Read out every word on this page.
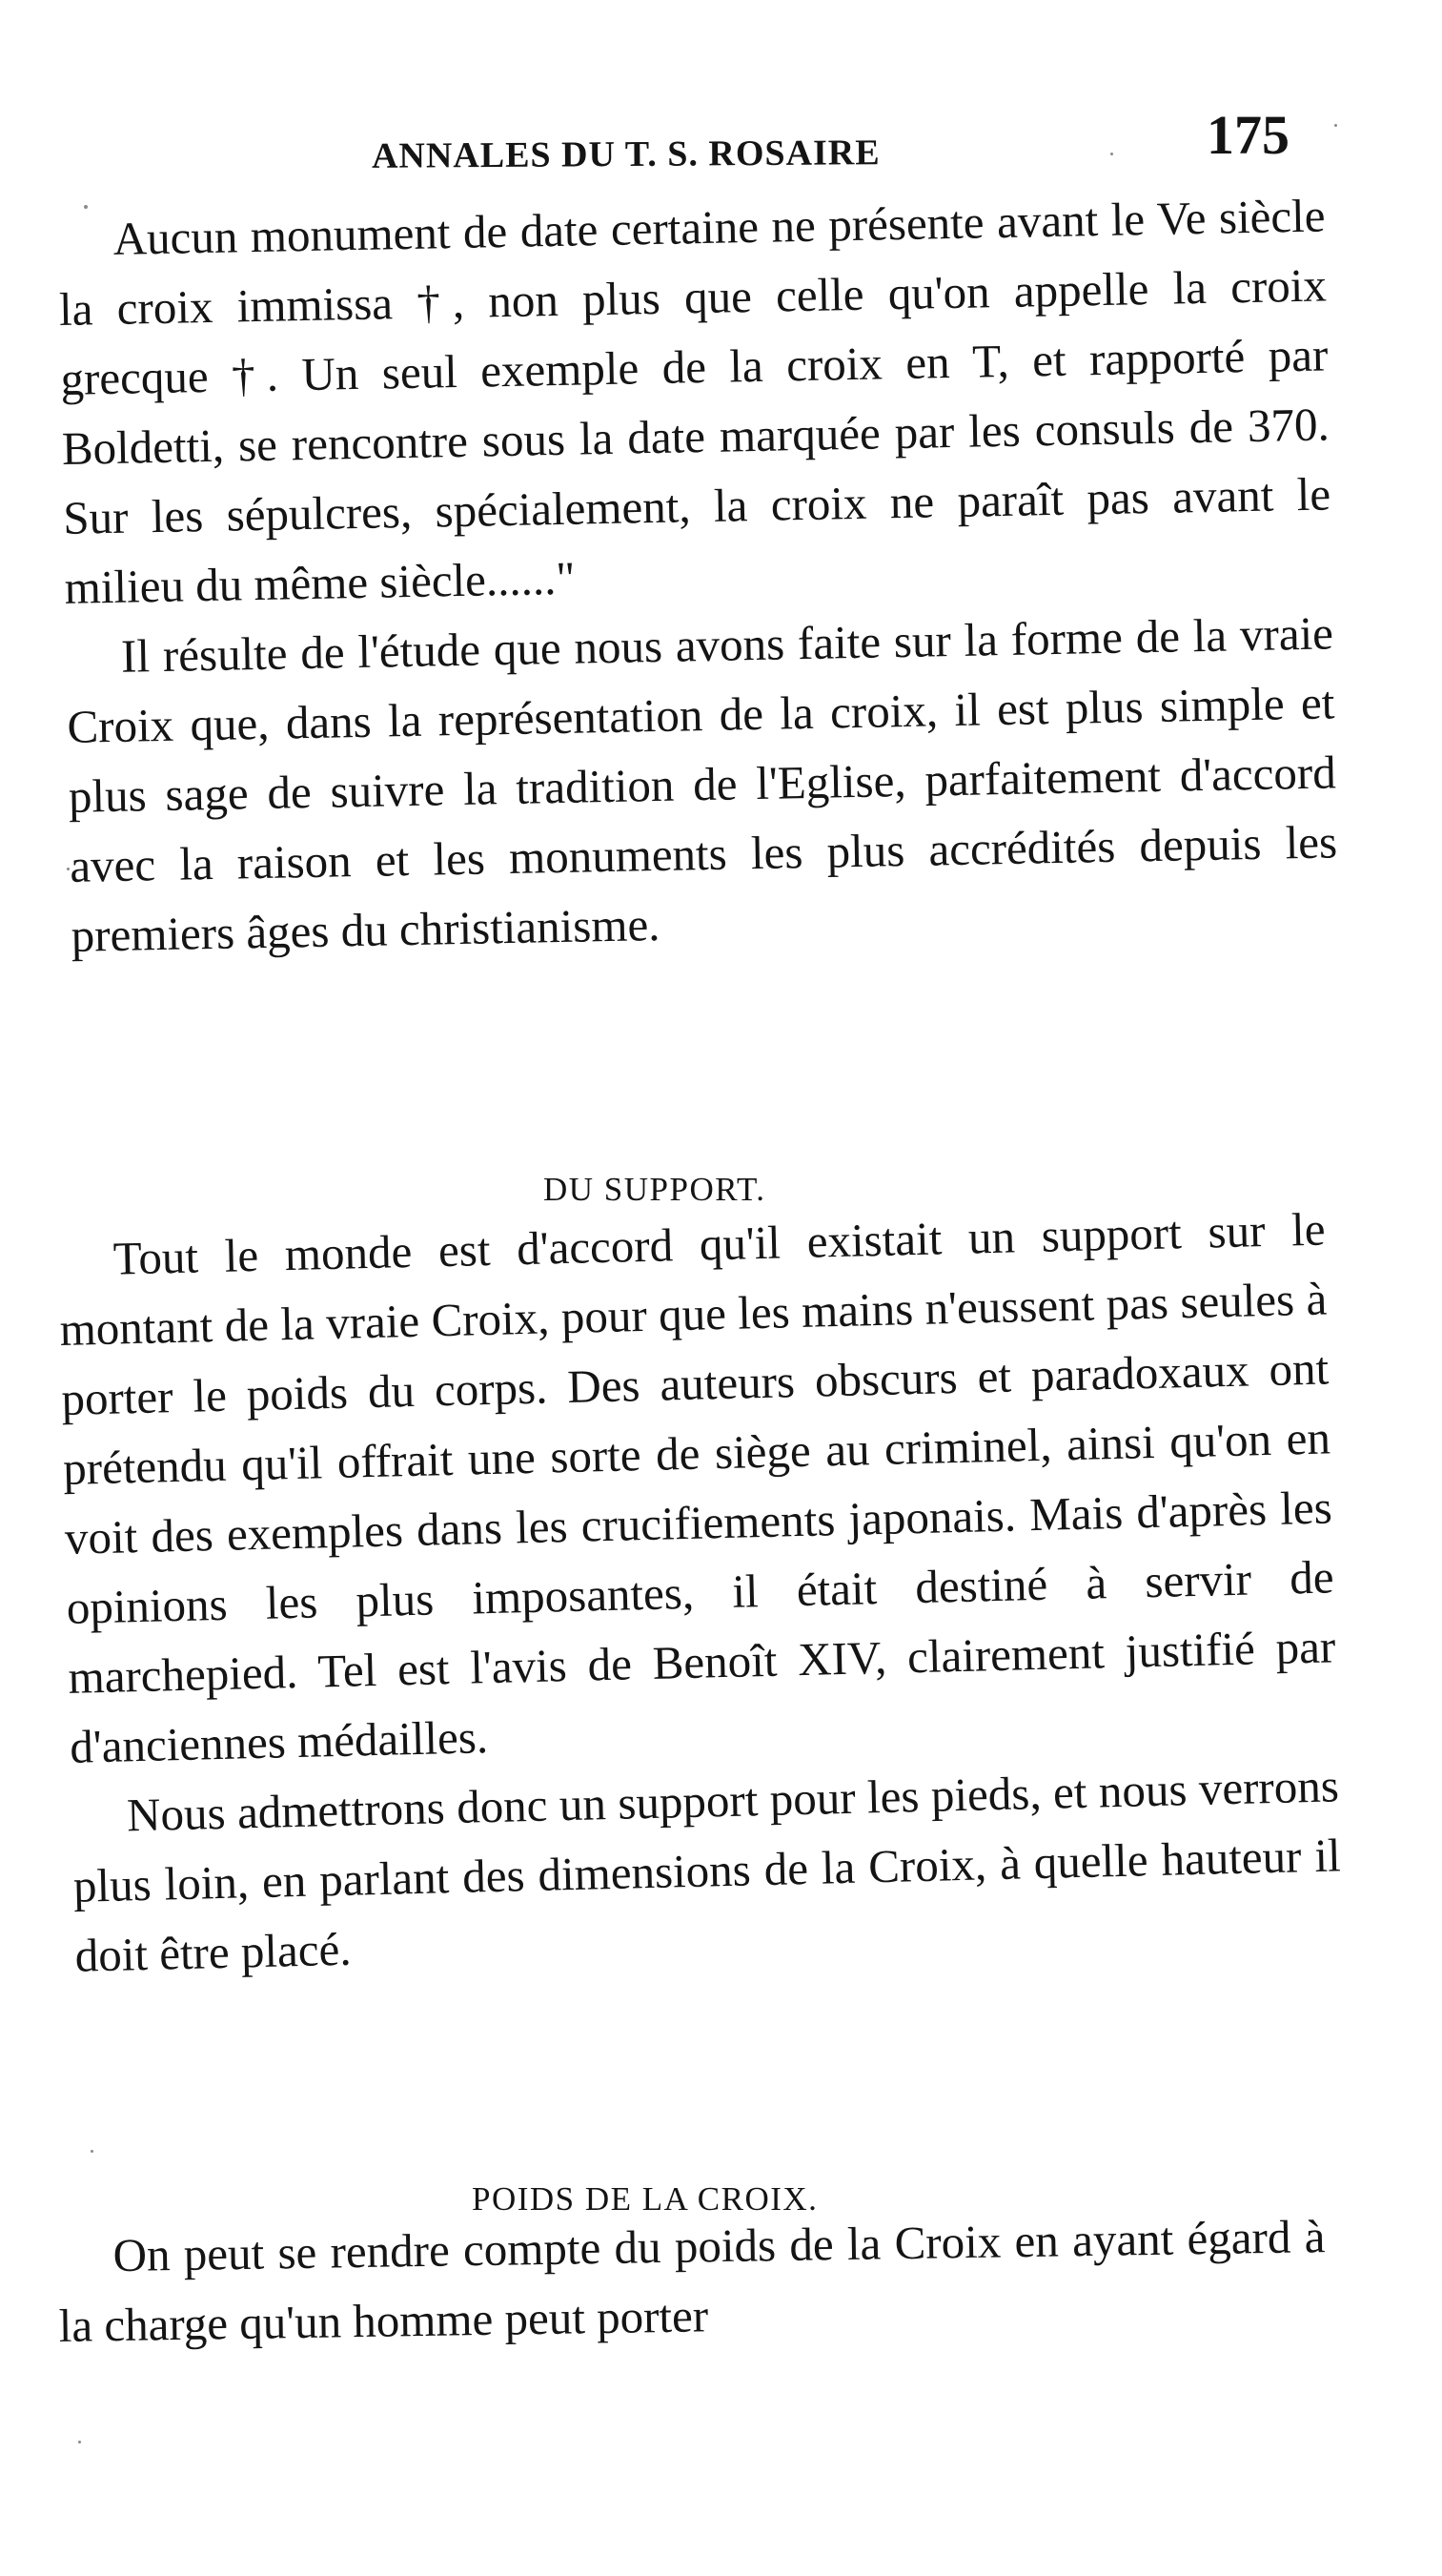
ANNALES DU T. S. ROSAIRE	175

Aucun monument de date certaine ne présente avant le Ve siècle la croix immissa †, non plus que celle qu'on appelle la croix grecque †. Un seul exemple de la croix en T, et rapporté par Boldetti, se rencontre sous la date marquée par les consuls de 370. Sur les sépulcres, spécialement, la croix ne paraît pas avant le milieu du même siècle......"

Il résulte de l'étude que nous avons faite sur la forme de la vraie Croix que, dans la représentation de la croix, il est plus simple et plus sage de suivre la tradition de l'Eglise, parfaitement d'accord avec la raison et les monuments les plus accrédités depuis les premiers âges du christianisme.

DU SUPPORT.

Tout le monde est d'accord qu'il existait un support sur le montant de la vraie Croix, pour que les mains n'eussent pas seules à porter le poids du corps. Des auteurs obscurs et paradoxaux ont prétendu qu'il offrait une sorte de siège au criminel, ainsi qu'on en voit des exemples dans les crucifiements japonais. Mais d'après les opinions les plus imposantes, il était destiné à servir de marchepied. Tel est l'avis de Benoît XIV, clairement justifié par d'anciennes médailles.

Nous admettrons donc un support pour les pieds, et nous verrons plus loin, en parlant des dimensions de la Croix, à quelle hauteur il doit être placé.

POIDS DE LA CROIX.

On peut se rendre compte du poids de la Croix en ayant égard à la charge qu'un homme peut porter
